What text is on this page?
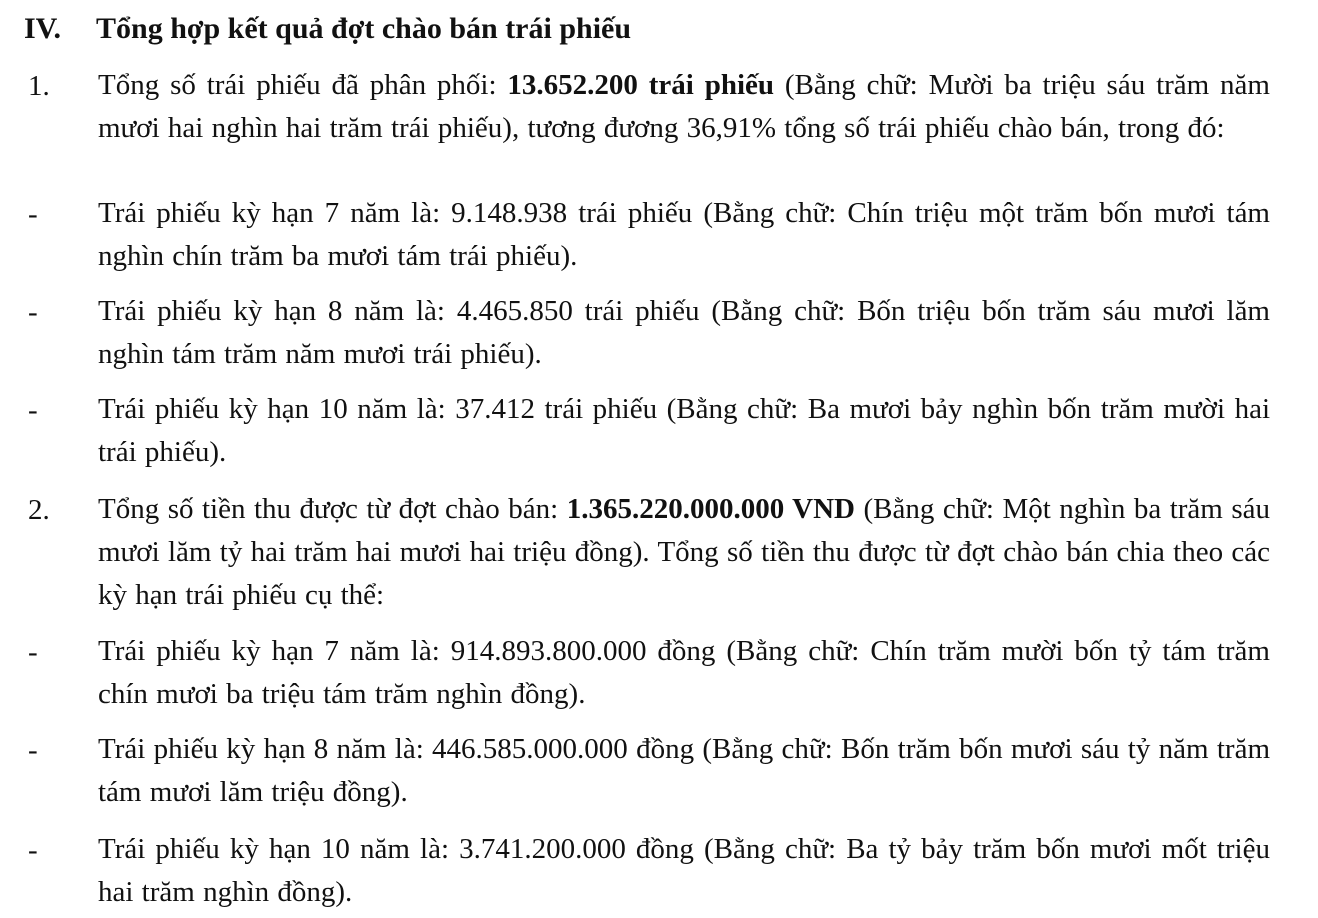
IV. Tổng hợp kết quả đợt chào bán trái phiếu
1. Tổng số trái phiếu đã phân phối: 13.652.200 trái phiếu (Bằng chữ: Mười ba triệu sáu trăm năm mươi hai nghìn hai trăm trái phiếu), tương đương 36,91% tổng số trái phiếu chào bán, trong đó:
- Trái phiếu kỳ hạn 7 năm là: 9.148.938 trái phiếu (Bằng chữ: Chín triệu một trăm bốn mươi tám nghìn chín trăm ba mươi tám trái phiếu).
- Trái phiếu kỳ hạn 8 năm là: 4.465.850 trái phiếu (Bằng chữ: Bốn triệu bốn trăm sáu mươi lăm nghìn tám trăm năm mươi trái phiếu).
- Trái phiếu kỳ hạn 10 năm là: 37.412 trái phiếu (Bằng chữ: Ba mươi bảy nghìn bốn trăm mười hai trái phiếu).
2. Tổng số tiền thu được từ đợt chào bán: 1.365.220.000.000 VND (Bằng chữ: Một nghìn ba trăm sáu mươi lăm tỷ hai trăm hai mươi hai triệu đồng). Tổng số tiền thu được từ đợt chào bán chia theo các kỳ hạn trái phiếu cụ thể:
- Trái phiếu kỳ hạn 7 năm là: 914.893.800.000 đồng (Bằng chữ: Chín trăm mười bốn tỷ tám trăm chín mươi ba triệu tám trăm nghìn đồng).
- Trái phiếu kỳ hạn 8 năm là: 446.585.000.000 đồng (Bằng chữ: Bốn trăm bốn mươi sáu tỷ năm trăm tám mươi lăm triệu đồng).
- Trái phiếu kỳ hạn 10 năm là: 3.741.200.000 đồng (Bằng chữ: Ba tỷ bảy trăm bốn mươi mốt triệu hai trăm nghìn đồng).
